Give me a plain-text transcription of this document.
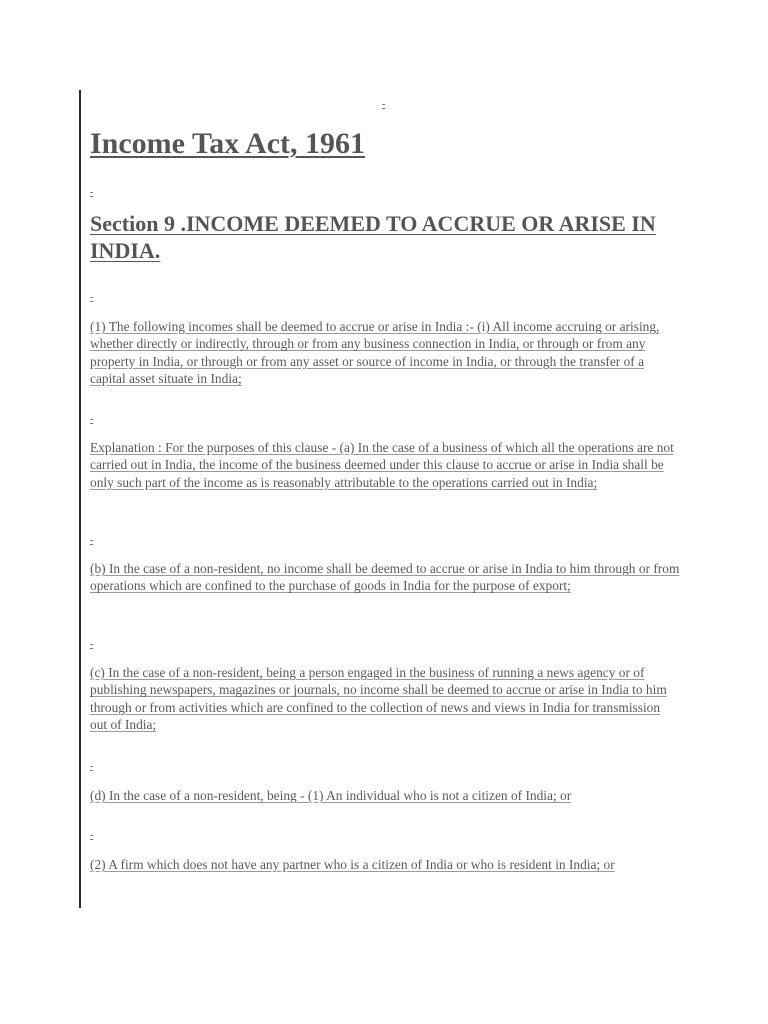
-
Income Tax Act, 1961
-
Section 9 .INCOME DEEMED TO ACCRUE OR ARISE IN INDIA.
-

(1) The following incomes shall be deemed to accrue or arise in India :- (i) All income accruing or arising, whether directly or indirectly, through or from any business connection in India, or through or from any property in India, or through or from any asset or source of income in India, or through the transfer of a capital asset situate in India;

-

Explanation : For the purposes of this clause - (a) In the case of a business of which all the operations are not carried out in India, the income of the business deemed under this clause to accrue or arise in India shall be only such part of the income as is reasonably attributable to the operations carried out in India;

-

(b) In the case of a non-resident, no income shall be deemed to accrue or arise in India to him through or from operations which are confined to the purchase of goods in India for the purpose of export;

-

(c) In the case of a non-resident, being a person engaged in the business of running a news agency or of publishing newspapers, magazines or journals, no income shall be deemed to accrue or arise in India to him through or from activities which are confined to the collection of news and views in India for transmission out of India;

-

(d) In the case of a non-resident, being - (1) An individual who is not a citizen of India; or

-

(2) A firm which does not have any partner who is a citizen of India or who is resident in India; or
